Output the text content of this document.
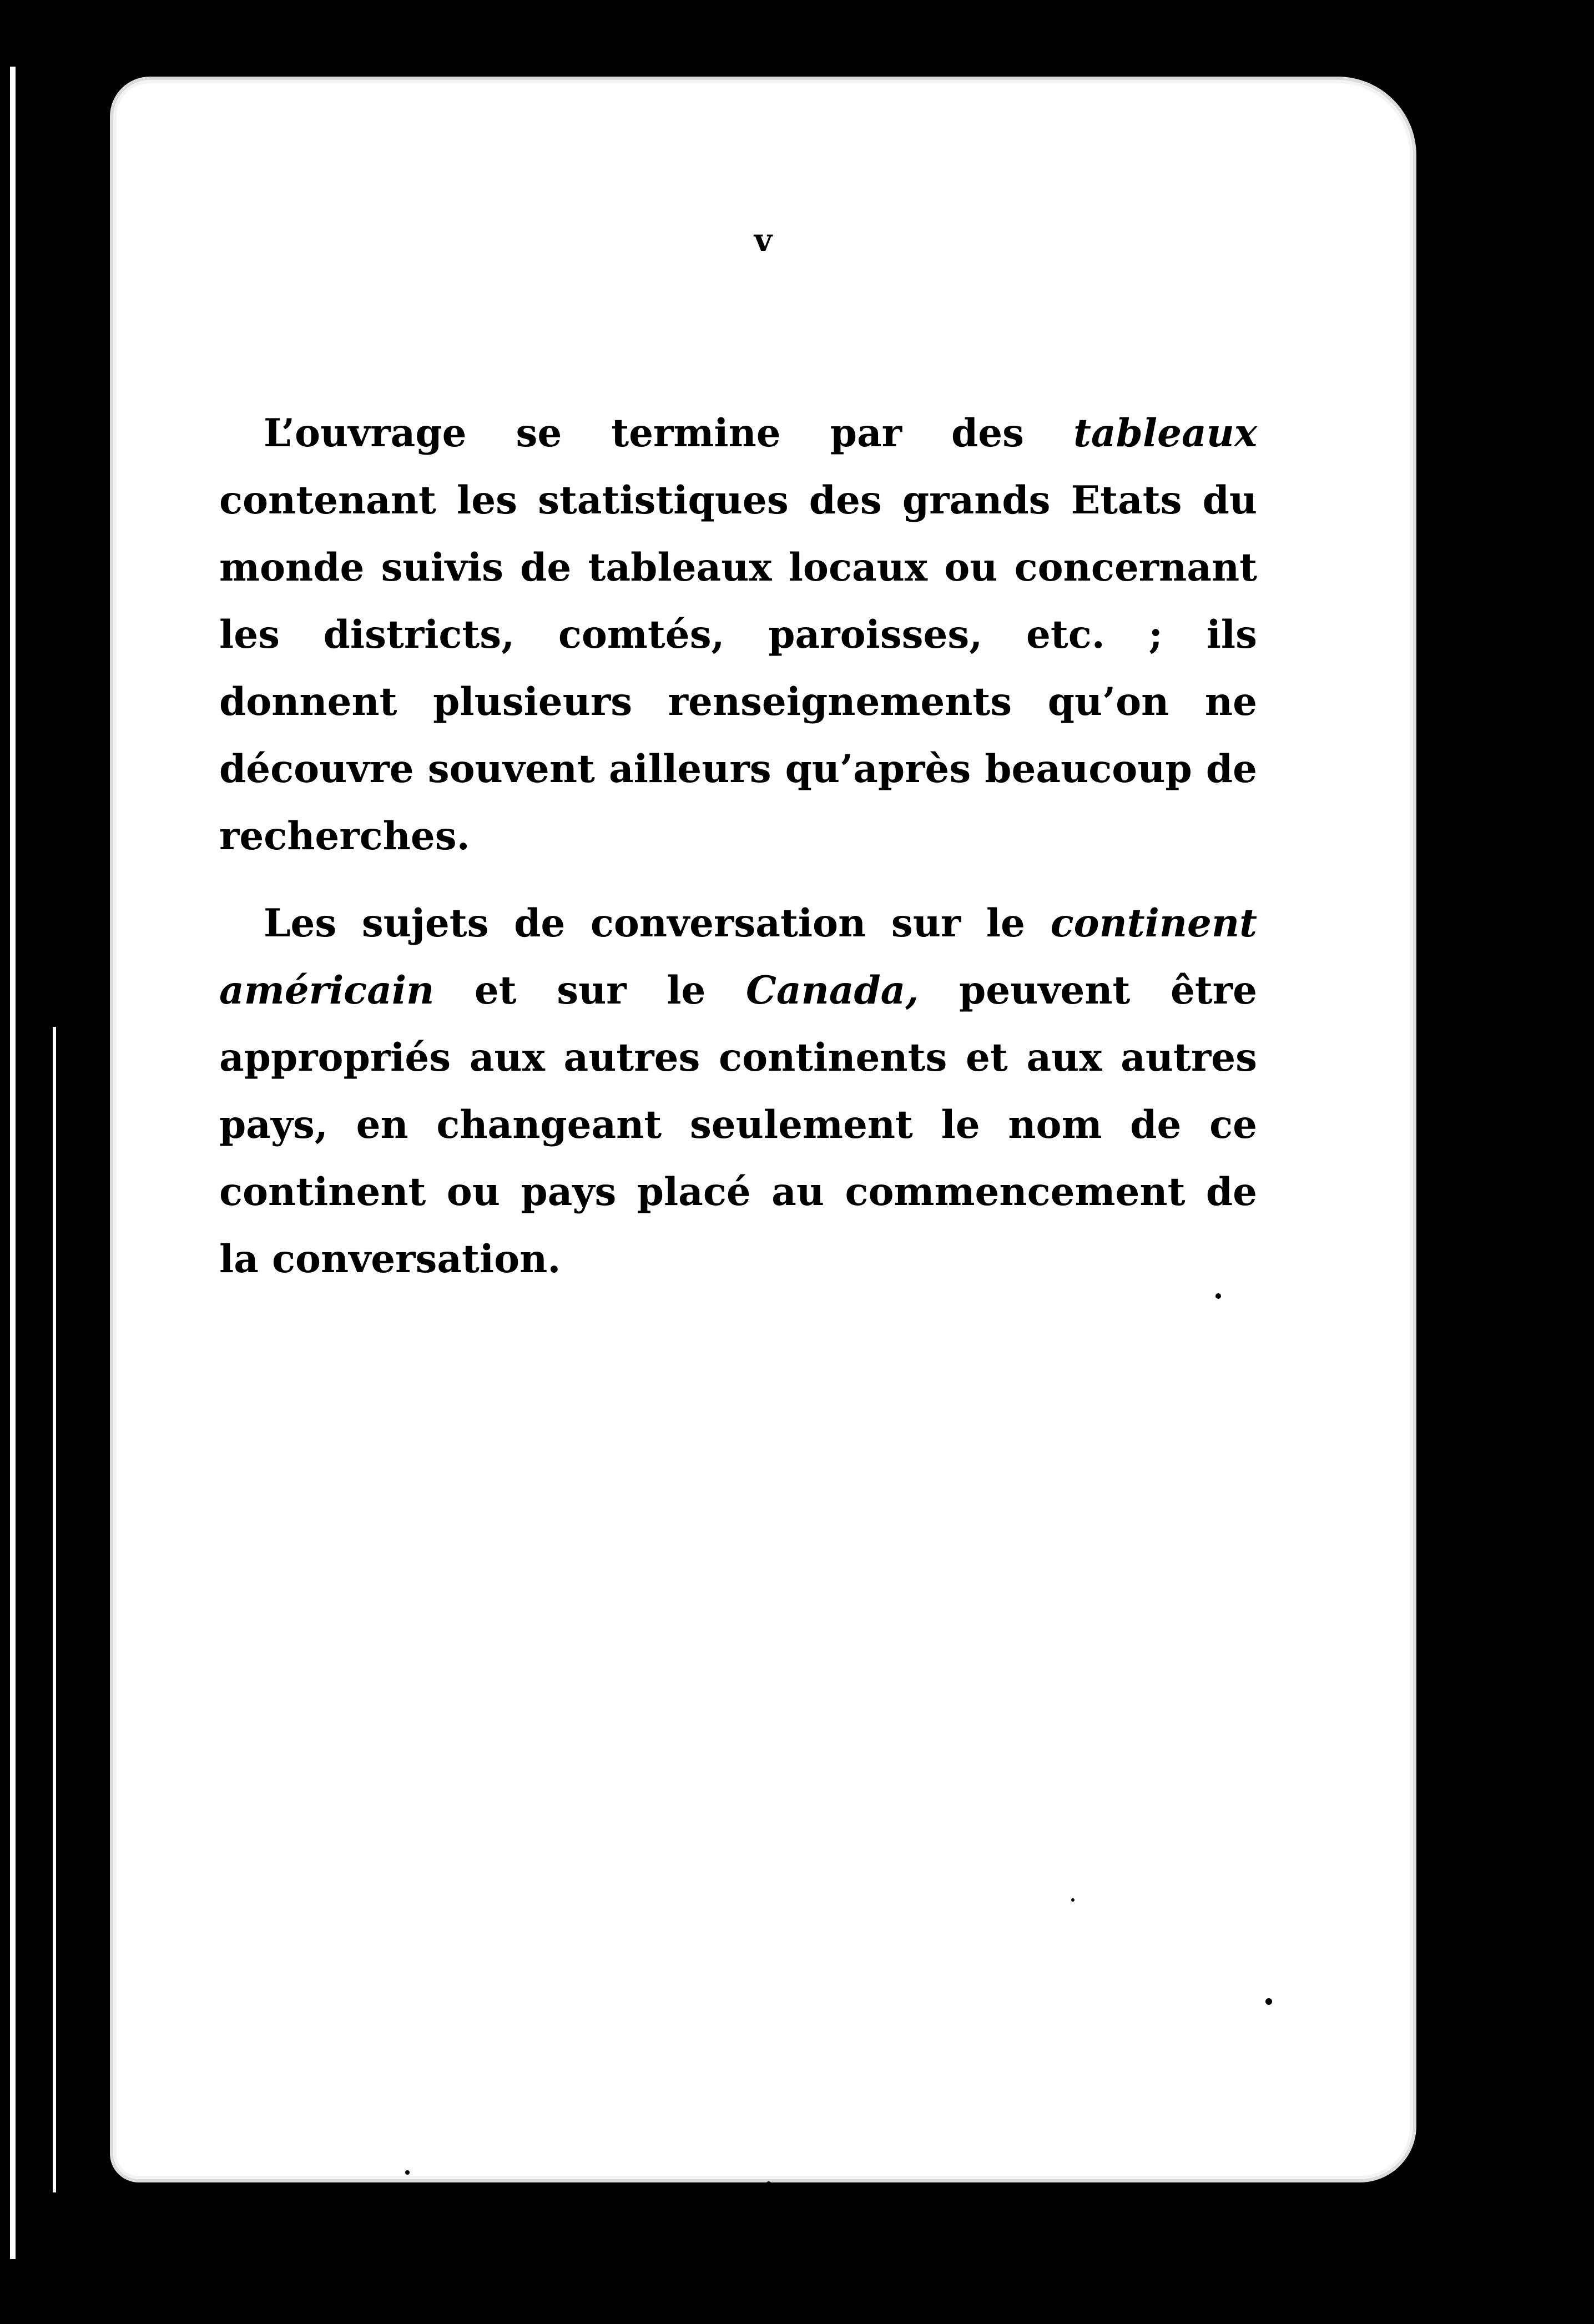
v

L’ouvrage se termine par des tableaux contenant les statistiques des grands Etats du monde suivis de tableaux locaux ou concernant les districts, comtés, paroisses, etc. ; ils donnent plusieurs renseignements qu’on ne découvre souvent ailleurs qu’après beaucoup de recherches.

Les sujets de conversation sur le continent américain et sur le Canada, peuvent être appropriés aux autres continents et aux autres pays, en changeant seulement le nom de ce continent ou pays placé au commencement de la conversation.
